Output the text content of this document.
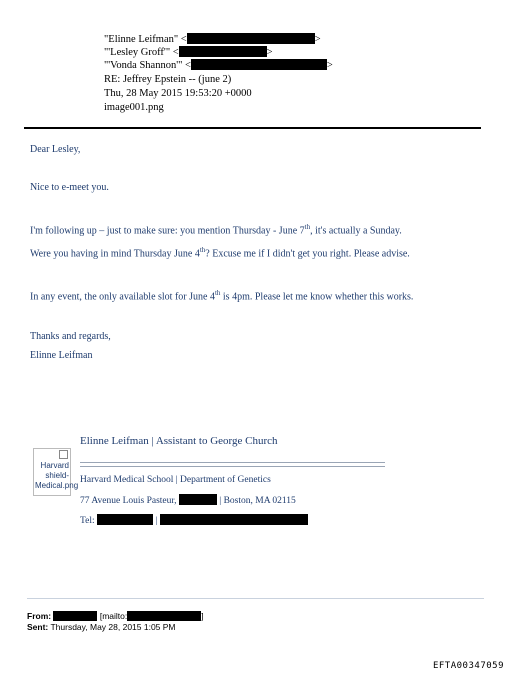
"Elinne Leifman" <	>
"'Lesley Groff'" <	>
"'Vonda Shannon'" <	>
RE: Jeffrey Epstein -- (june 2)
Thu, 28 May 2015 19:53:20 +0000
image001.png
Dear Lesley,
Nice to e-meet you.
I'm following up – just to make sure: you mention Thursday - June 7th, it's actually a Sunday.
Were you having in mind Thursday June 4th? Excuse me if I didn't get you right. Please advise.
In any event, the only available slot for June 4th is 4pm. Please let me know whether this works.
Thanks and regards,
Elinne Leifman
Elinne Leifman | Assistant to George Church
Harvard shield-Medical.png
Harvard Medical School | Department of Genetics
77 Avenue Louis Pasteur,	| Boston, MA 02115
Tel:	|
From:	[mailto:	]
Sent: Thursday, May 28, 2015 1:05 PM
EFTA00347059
